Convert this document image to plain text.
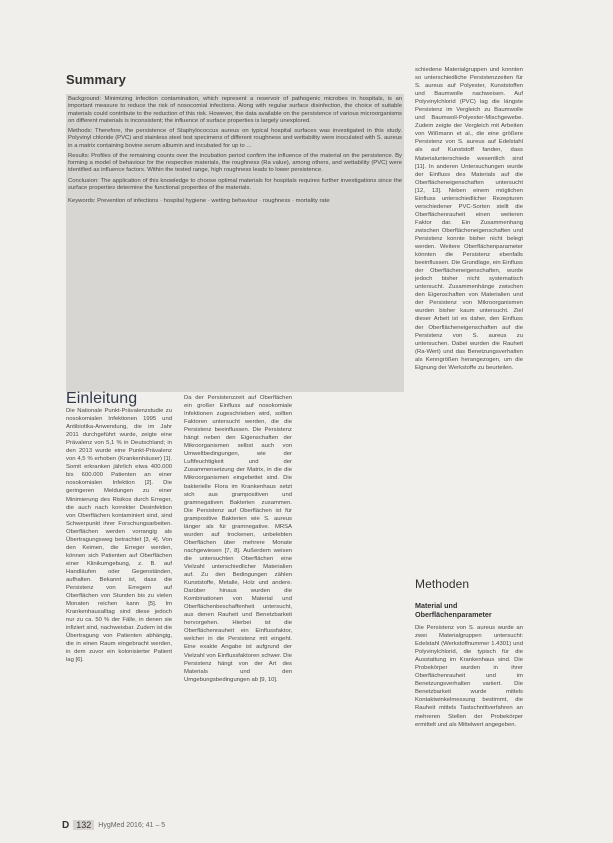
Summary

Background: Minimizing infection contamination, which represent a reservoir of pathogenic microbes in hospitals, is an important measure to reduce the risk of nosocomial infections. Along with regular surface disinfection, the choice of suitable materials could contribute to the reduction of this risk. However, the data available on the persistence of various microorganisms on different materials is inconsistent; the influence of surface properties is largely unexplored.

Methods: Therefore, the persistence of Staphylococcus aureus on typical hospital surfaces was investigated in this study. Polyvinyl chloride (PVC) and stainless steel test specimens of different roughness and wettability were inoculated with S. aureus in a matrix containing bovine serum albumin and incubated for up to ...

Results: Profiles of the remaining counts over the incubation period confirm the influence of the material on the persistence. By forming a model of behaviour for the respective materials, the roughness (Ra value), among others, and wettability (PVC) were identified as influence factors. Within the tested range, high roughness leads to lower persistence.

Conclusion: The application of this knowledge to choose optimal materials for hospitals requires further investigations since the surface properties determine the functional properties of the materials.

Keywords: Prevention of infections · hospital hygiene · wetting behaviour · roughness · mortality rate

Einleitung

Die Nationale Punkt-Prävalenzstudie zu nosokomialen Infektionen 1995 und Antibiotika-Anwendung, die im Jahr 2011 durchgeführt wurde, zeigte eine Prävalenz von 5,1 % in Deutschland; in den 2013 wurde eine Punkt-Prävalenz von 4,5 % erhoben (Krankenhäuser) [1]. Somit erkranken jährlich etwa 400.000 bis 600.000 Patienten an einer nosokomialen Infektion [2]. Die geringeren Meldungen zu einer Minimierung des Risikos durch Erreger, die auch nach korrekter Desinfektion von Oberflächen kontaminiert sind, sind Schwerpunkt ihrer Forschungsarbeiten. Oberflächen werden vorrangig als Übertragungsweg betrachtet [3, 4]. Von den Keimen, die Erreger werden, können sich Patienten auf Oberflächen einer Klinikumgebung, z. B. auf Handläufen oder Gegenständen, aufhalten. Bekannt ist, dass die Persistenz von Erregern auf Oberflächen von Stunden bis zu vielen Monaten reichen kann [5]. Im Krankenhausalltag sind diese jedoch nur zu ca. 50 % der Fälle, in denen sie infiziert sind, nachweisbar. Zudem ist die Übertragung von Patienten abhängig, die in einen Raum eingebracht werden, in dem zuvor ein kolonisierter Patient lag [6].

Da der Persistenzzeit auf Oberflächen ein großer Einfluss auf nosokomiale Infektionen zugeschrieben wird, sollten Faktoren untersucht werden, die die Persistenz beeinflussen. Die Persistenz hängt neben den Eigenschaften der Mikroorganismen selbst auch von Umweltbedingungen, wie der Luftfeuchtigkeit und der Zusammensetzung der Matrix, in die die Mikroorganismen eingebettet sind. Die bakterielle Flora im Krankenhaus setzt sich aus grampositiven und gramnegativen Bakterien zusammen. Die Persistenz auf Oberflächen ist für grampositive Bakterien wie S. aureus länger als für gramnegative. MRSA wurden auf trockenen, unbelebten Oberflächen über mehrere Monate nachgewiesen [7, 8]. Außerdem weisen die untersuchten Oberflächen eine Vielzahl unterschiedlicher Materialien auf. Zu den Bedingungen zählen Kunststoffe, Metalle, Holz und andere. Darüber hinaus wurden die Kombinationen von Material und Oberflächenbeschaffenheit untersucht, aus denen Rauheit und Benetzbarkeit hervorgehen. Hierbei ist die Oberflächenrauheit ein Einflussfaktor, welcher in die Persistenz mit eingeht. Eine exakte Angabe ist aufgrund der Vielzahl von Einflussfaktoren schwer. Die Persistenz hängt von der Art des Materials und den Umgebungsbedingungen ab [9, 10].

schiedene Materialgruppen und konnten so unterschiedliche Persistenzzeiten für S. aureus auf Polyester, Kunststoffen und Baumwolle nachweisen. Auf Polyvinylchlorid (PVC) lag die längste Persistenz im Vergleich zu Baumwolle und Baumwoll-Polyester-Mischgewebe. Zudem zeigte der Vergleich mit Arbeiten von Wißmann et al., die eine größere Persistenz von S. aureus auf Edelstahl als auf Kunststoff fanden, dass Materialunterschiede wesentlich sind [11]. In anderen Untersuchungen wurde der Einfluss des Materials auf die Oberflächeneigenschaften untersucht [12, 13]. Neben einem möglichen Einfluss unterschiedlicher Rezepturen verschiedener PVC-Sorten stellt die Oberflächenrauheit einen weiteren Faktor dar. Ein Zusammenhang zwischen Oberflächeneigenschaften und Persistenz konnte bisher nicht belegt werden. Weitere Oberflächenparameter könnten die Persistenz ebenfalls beeinflussen. Die Grundlage, ein Einfluss der Oberflächeneigenschaften, wurde jedoch bisher nicht systematisch untersucht. Zusammenhänge zwischen den Eigenschaften von Materialien und der Persistenz von Mikroorganismen wurden bisher kaum untersucht. Ziel dieser Arbeit ist es daher, den Einfluss der Oberflächeneigenschaften auf die Persistenz von S. aureus zu untersuchen. Dabei wurden die Rauheit (Ra-Wert) und das Benetzungsverhalten als Kenngrößen herangezogen, um die Eignung der Werkstoffe zu beurteilen.

Methoden
Material und Oberflächenparameter

Die Persistenz von S. aureus wurde an zwei Materialgruppen untersucht: Edelstahl (Werkstoffnummer 1.4301) und Polyvinylchlorid, die typisch für die Ausstattung im Krankenhaus sind. Die Probekörper wurden in ihrer Oberflächenrauheit und im Benetzungsverhalten variiert. Die Benetzbarkeit wurde mittels Kontaktwinkelmessung bestimmt, die Rauheit mittels Tastschnittverfahren an mehreren Stellen der Probekörper ermittelt und als Mittelwert angegeben.

D 132	HygMed 2016; 41 – 5
